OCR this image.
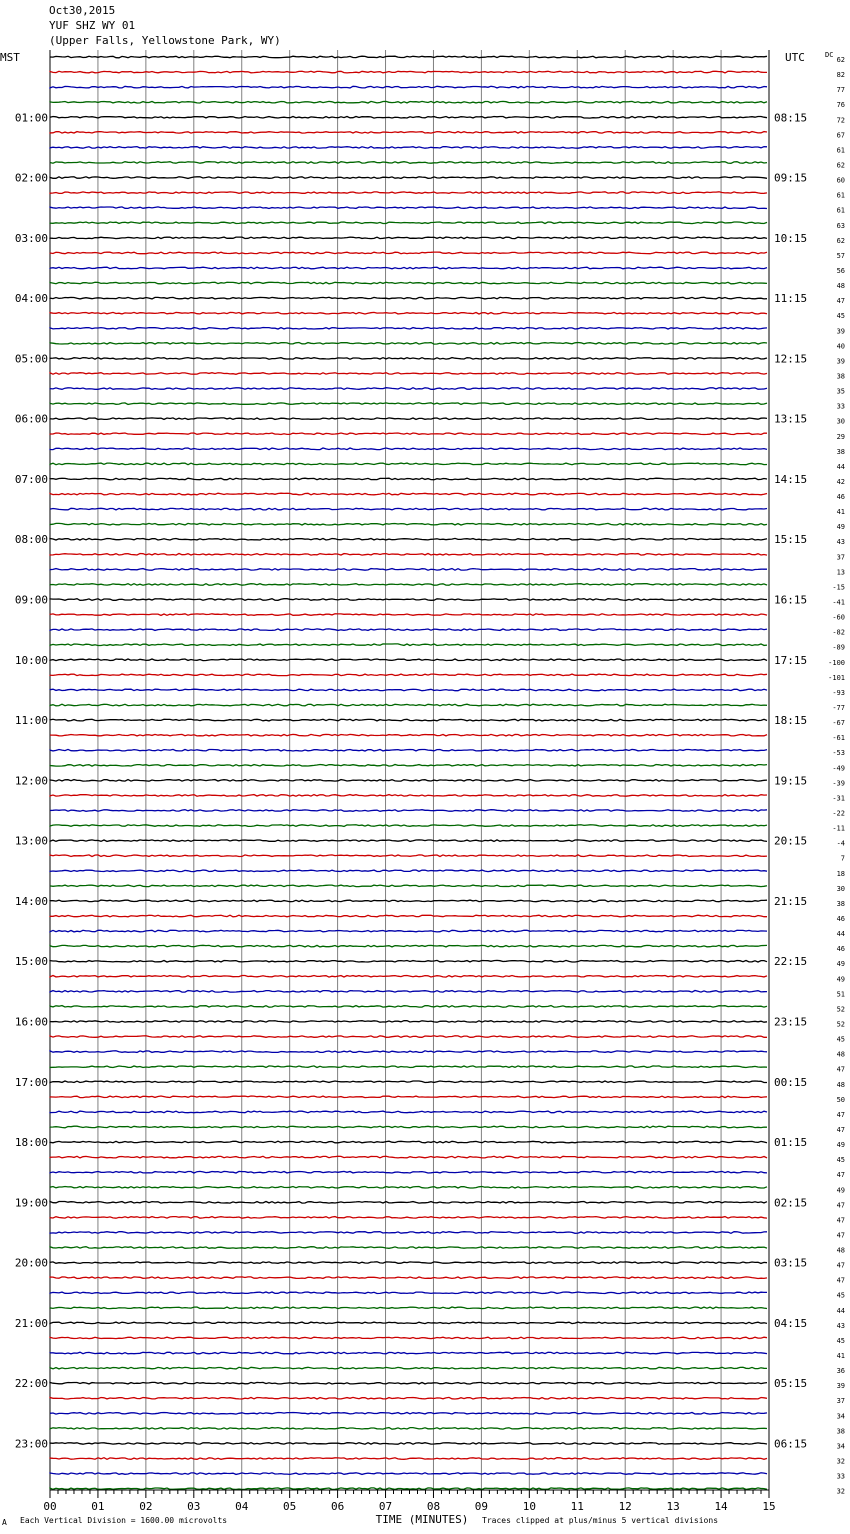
Oct30,2015
YUF SHZ WY 01
(Upper Falls, Yellowstone Park, WY)
62
82
77
76
72
67
61
62
60
61
61
63
62
57
56
48
47
45
39
40
39
38
35
33
30
29
38
44
42
46
41
49
43
37
13
-15
-41
-60
-82
-89
-100
-101
-93
-77
-67
-61
-53
-49
-39
-31
-22
-11
-4
7
18
30
38
46
44
46
49
49
51
52
52
45
48
47
48
50
47
47
49
45
47
49
47
47
47
48
47
47
45
44
43
45
41
36
39
37
34
38
34
32
33
32
01:00	08:15
02:00	09:15
03:00	10:15
04:00	11:15
05:00	12:15
06:00	13:15
07:00	14:15
08:00	15:15
09:00	16:15
10:00	17:15
11:00	18:15
12:00	19:15
13:00	20:15
14:00	21:15
15:00	22:15
16:00	23:15
17:00	00:15
18:00	01:15
19:00	02:15
20:00	03:15
21:00	04:15
22:00	05:15
23:00	06:15
MST	UTC	DC
00	01	02	03	04	05	06	07	08	09	10	11	12	13	14	15
TIME (MINUTES)
A Each Vertical Division = 1600.00 microvolts	Traces clipped at plus/minus 5 vertical divisions
